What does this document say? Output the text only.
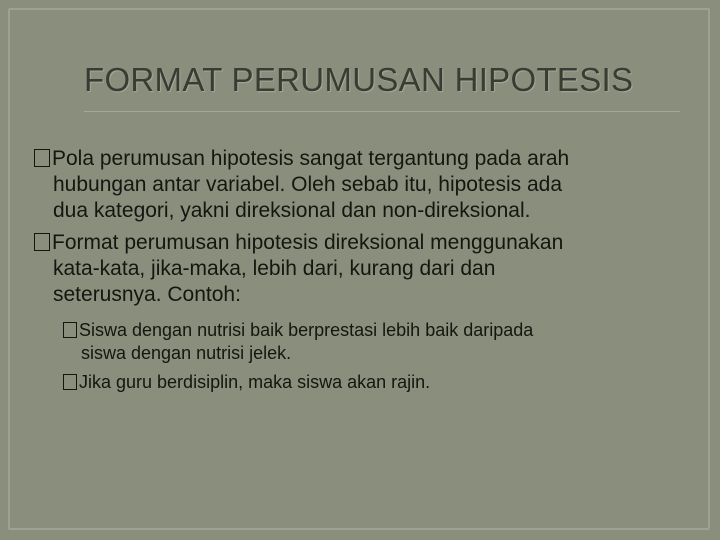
FORMAT PERUMUSAN HIPOTESIS

Pola perumusan hipotesis sangat tergantung pada arah
hubungan antar variabel. Oleh sebab itu, hipotesis ada
dua kategori, yakni direksional dan non-direksional.

Format perumusan hipotesis direksional menggunakan
kata-kata, jika-maka, lebih dari, kurang dari dan
seterusnya. Contoh:

Siswa dengan nutrisi baik berprestasi lebih baik daripada
siswa dengan nutrisi jelek.

Jika guru berdisiplin, maka siswa akan rajin.
